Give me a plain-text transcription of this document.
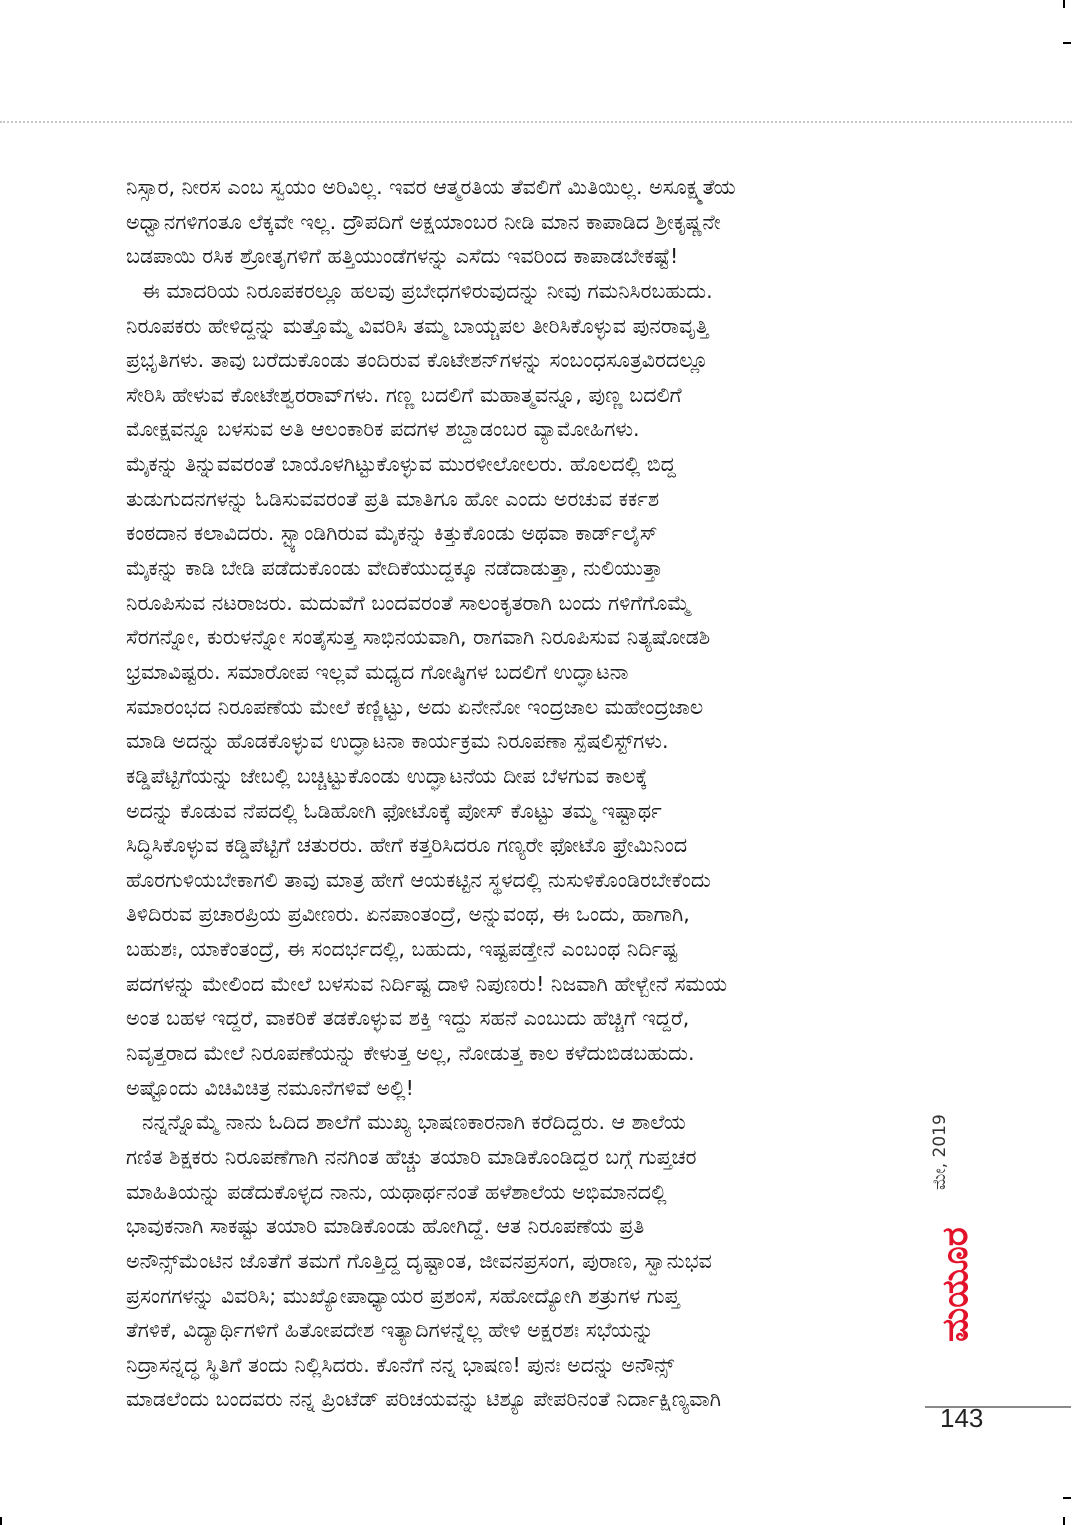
ನಿಸ್ಸಾರ, ನೀರಸ ಎಂಬ ಸ್ವಯಂ ಅರಿವಿಲ್ಲ. ಇವರ ಆತ್ಮರತಿಯ ತೆವಲಿಗೆ ಮಿತಿಯಿಲ್ಲ. ಅಸೂಕ್ಷ್ಮತೆಯ
ಅಧ್ವಾನಗಳಿಗಂತೂ ಲೆಕ್ಕವೇ ಇಲ್ಲ. ದ್ರೌಪದಿಗೆ ಅಕ್ಷಯಾಂಬರ ನೀಡಿ ಮಾನ ಕಾಪಾಡಿದ ಶ್ರೀಕೃಷ್ಣನೇ
ಬಡಪಾಯಿ ರಸಿಕ ಶ್ರೋತೃಗಳಿಗೆ ಹತ್ತಿಯುಂಡೆಗಳನ್ನು ಎಸೆದು ಇವರಿಂದ ಕಾಪಾಡಬೇಕಷ್ಟೆ!
ಈ ಮಾದರಿಯ ನಿರೂಪಕರಲ್ಲೂ ಹಲವು ಪ್ರಬೇಧಗಳಿರುವುದನ್ನು ನೀವು ಗಮನಿಸಿರಬಹುದು.
ನಿರೂಪಕರು ಹೇಳಿದ್ದನ್ನು ಮತ್ತೊಮ್ಮೆ ವಿವರಿಸಿ ತಮ್ಮ ಬಾಯ್ಚಪಲ ತೀರಿಸಿಕೊಳ್ಳುವ ಪುನರಾವೃತ್ತಿ
ಪ್ರಭೃತಿಗಳು. ತಾವು ಬರೆದುಕೊಂಡು ತಂದಿರುವ ಕೊಟೇಶನ್‌ಗಳನ್ನು ಸಂಬಂಧಸೂತ್ರವಿರದಲ್ಲೂ
ಸೇರಿಸಿ ಹೇಳುವ ಕೋಟೇಶ್ವರರಾವ್‌ಗಳು. ಗಣ್ಣ ಬದಲಿಗೆ ಮಹಾತ್ಮವನ್ನೂ, ಪುಣ್ಣ ಬದಲಿಗೆ
ಮೋಕ್ಷವನ್ನೂ ಬಳಸುವ ಅತಿ ಆಲಂಕಾರಿಕ ಪದಗಳ ಶಬ್ದಾಡಂಬರ ವ್ಯಾಮೋಹಿಗಳು.
ಮೈಕನ್ನು ತಿನ್ನುವವರಂತೆ ಬಾಯೊಳಗಿಟ್ಟುಕೊಳ್ಳುವ ಮುರಳೀಲೋಲರು. ಹೊಲದಲ್ಲಿ ಬಿದ್ದ
ತುಡುಗುದನಗಳನ್ನು ಓಡಿಸುವವರಂತೆ ಪ್ರತಿ ಮಾತಿಗೂ ಹೋ ಎಂದು ಅರಚುವ ಕರ್ಕಶ
ಕಂಠದಾನ ಕಲಾವಿದರು. ಸ್ಟ್ಯಾಂಡಿಗಿರುವ ಮೈಕನ್ನು ಕಿತ್ತುಕೊಂಡು ಅಥವಾ ಕಾರ್ಡ್‌ಲೈಸ್
ಮೈಕನ್ನು ಕಾಡಿ ಬೇಡಿ ಪಡೆದುಕೊಂಡು ವೇದಿಕೆಯುದ್ದಕ್ಕೂ ನಡೆದಾಡುತ್ತಾ, ನುಲಿಯುತ್ತಾ
ನಿರೂಪಿಸುವ ನಟರಾಜರು. ಮದುವೆಗೆ ಬಂದವರಂತೆ ಸಾಲಂಕೃತರಾಗಿ ಬಂದು ಗಳಿಗೆಗೊಮ್ಮೆ
ಸೆರಗನ್ನೋ, ಕುರುಳನ್ನೋ ಸಂತೈಸುತ್ತ ಸಾಭಿನಯವಾಗಿ, ರಾಗವಾಗಿ ನಿರೂಪಿಸುವ ನಿತ್ಯಷೋಡಶಿ
ಭ್ರಮಾವಿಷ್ಟರು. ಸಮಾರೋಪ ಇಲ್ಲವೆ ಮಧ್ಯದ ಗೋಷ್ಠಿಗಳ ಬದಲಿಗೆ ಉದ್ಘಾಟನಾ
ಸಮಾರಂಭದ ನಿರೂಪಣೆಯ ಮೇಲೆ ಕಣ್ಣಿಟ್ಟು, ಅದು ಏನೇನೋ ಇಂದ್ರಜಾಲ ಮಹೇಂದ್ರಜಾಲ
ಮಾಡಿ ಅದನ್ನು ಹೊಡಕೊಳ್ಳುವ ಉದ್ಘಾಟನಾ ಕಾರ್ಯಕ್ರಮ ನಿರೂಪಣಾ ಸ್ಪೆಷಲಿಸ್ಟ್‌ಗಳು.
ಕಡ್ಡಿಪೆಟ್ಟಿಗೆಯನ್ನು ಜೇಬಲ್ಲಿ ಬಚ್ಚಿಟ್ಟುಕೊಂಡು ಉದ್ಘಾಟನೆಯ ದೀಪ ಬೆಳಗುವ ಕಾಲಕ್ಕೆ
ಅದನ್ನು ಕೊಡುವ ನೆಪದಲ್ಲಿ ಓಡಿಹೋಗಿ ಫೋಟೊಕ್ಕೆ ಪೋಸ್ ಕೊಟ್ಟು ತಮ್ಮ ಇಷ್ಟಾರ್ಥ
ಸಿದ್ಧಿಸಿಕೊಳ್ಳುವ ಕಡ್ಡಿಪೆಟ್ಟಿಗೆ ಚತುರರು. ಹೇಗೆ ಕತ್ತರಿಸಿದರೂ ಗಣ್ಯರೇ ಫೋಟೊ ಫ್ರೇಮಿನಿಂದ
ಹೊರಗುಳಿಯಬೇಕಾಗಲಿ ತಾವು ಮಾತ್ರ ಹೇಗೆ ಆಯಕಟ್ಟಿನ ಸ್ಥಳದಲ್ಲಿ ನುಸುಳಿಕೊಂಡಿರಬೇಕೆಂದು
ತಿಳಿದಿರುವ ಪ್ರಚಾರಪ್ರಿಯ ಪ್ರವೀಣರು. ಏನಪಾಂತಂದ್ರೆ, ಅನ್ನುವಂಥ, ಈ ಒಂದು, ಹಾಗಾಗಿ,
ಬಹುಶಃ, ಯಾಕೆಂತಂದ್ರೆ, ಈ ಸಂದರ್ಭದಲ್ಲಿ, ಬಹುದು, ಇಷ್ಟಪಡ್ತೇನೆ ಎಂಬಂಥ ನಿರ್ದಿಷ್ಟ
ಪದಗಳನ್ನು ಮೇಲಿಂದ ಮೇಲೆ ಬಳಸುವ ನಿರ್ದಿಷ್ಟ ದಾಳಿ ನಿಪುಣರು! ನಿಜವಾಗಿ ಹೇಳ್ಬೇನೆ ಸಮಯ
ಅಂತ ಬಹಳ ಇದ್ದರೆ, ವಾಕರಿಕೆ ತಡಕೊಳ್ಳುವ ಶಕ್ತಿ ಇದ್ದು ಸಹನೆ ಎಂಬುದು ಹೆಚ್ಚಿಗೆ ಇದ್ದರೆ,
ನಿವೃತ್ತರಾದ ಮೇಲೆ ನಿರೂಪಣೆಯನ್ನು ಕೇಳುತ್ತ ಅಲ್ಲ, ನೋಡುತ್ತ ಕಾಲ ಕಳೆದುಬಿಡಬಹುದು.
ಅಷ್ಟೊಂದು ವಿಚಿವಿಚಿತ್ರ ನಮೂನೆಗಳಿವೆ ಅಲ್ಲಿ!
ನನ್ನನ್ನೊಮ್ಮೆ ನಾನು ಓದಿದ ಶಾಲೆಗೆ ಮುಖ್ಯ ಭಾಷಣಕಾರನಾಗಿ ಕರೆದಿದ್ದರು. ಆ ಶಾಲೆಯ
ಗಣಿತ ಶಿಕ್ಷಕರು ನಿರೂಪಣೆಗಾಗಿ ನನಗಿಂತ ಹೆಚ್ಚು ತಯಾರಿ ಮಾಡಿಕೊಂಡಿದ್ದರ ಬಗ್ಗೆ ಗುಪ್ತಚರ
ಮಾಹಿತಿಯನ್ನು ಪಡೆದುಕೊಳ್ಳದ ನಾನು, ಯಥಾರ್ಥನಂತೆ ಹಳೆಶಾಲೆಯ ಅಭಿಮಾನದಲ್ಲಿ
ಭಾವುಕನಾಗಿ ಸಾಕಷ್ಟು ತಯಾರಿ ಮಾಡಿಕೊಂಡು ಹೋಗಿದ್ದೆ. ಆತ ನಿರೂಪಣೆಯ ಪ್ರತಿ
ಅನೌನ್ಸ್‌ಮೆಂಟಿನ ಜೊತೆಗೆ ತಮಗೆ ಗೊತ್ತಿದ್ದ ದೃಷ್ಟಾಂತ, ಜೀವನಪ್ರಸಂಗ, ಪುರಾಣ, ಸ್ವಾನುಭವ
ಪ್ರಸಂಗಗಳನ್ನು ವಿವರಿಸಿ; ಮುಖ್ಯೋಪಾಧ್ಯಾಯರ ಪ್ರಶಂಸೆ, ಸಹೋದ್ಯೋಗಿ ಶತ್ರುಗಳ ಗುಪ್ತ
ತೆಗಳಿಕೆ, ವಿದ್ಯಾರ್ಥಿಗಳಿಗೆ ಹಿತೋಪದೇಶ ಇತ್ಯಾದಿಗಳನ್ನೆಲ್ಲ ಹೇಳಿ ಅಕ್ಷರಶಃ ಸಭೆಯನ್ನು
ನಿದ್ರಾಸನ್ನದ್ಧ ಸ್ಥಿತಿಗೆ ತಂದು ನಿಲ್ಲಿಸಿದರು. ಕೊನೆಗೆ ನನ್ನ ಭಾಷಣ! ಪುನಃ ಅದನ್ನು ಅನೌನ್ಸ್
ಮಾಡಲೆಂದು ಬಂದವರು ನನ್ನ ಪ್ರಿಂಟೆಡ್ ಪರಿಚಯವನ್ನು ಟಿಶ್ಯೂ ಪೇಪರಿನಂತೆ ನಿರ್ದಾಕ್ಷಿಣ್ಯವಾಗಿ
ಮೇ, 2019
ಮಯೂರ
143
